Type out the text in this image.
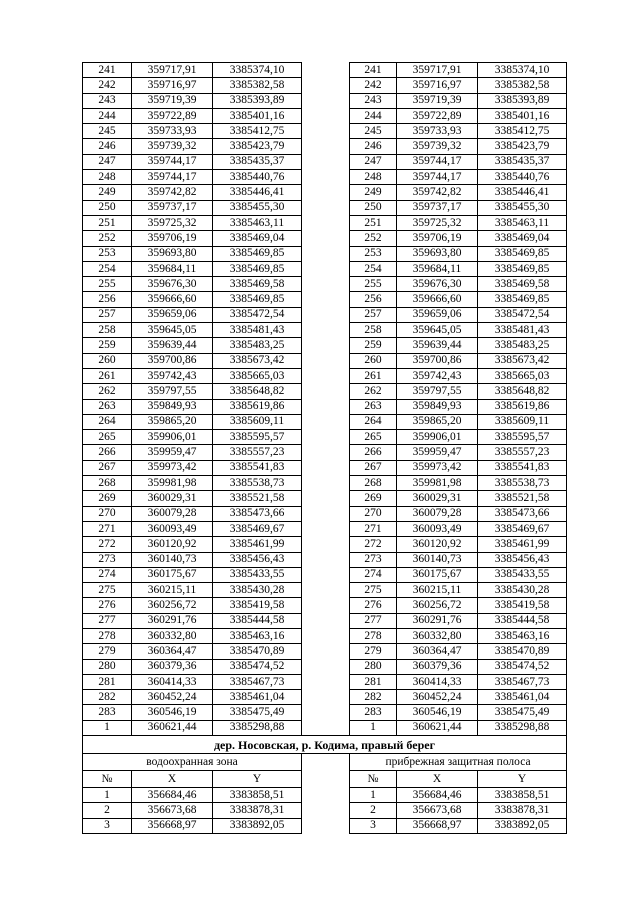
241	359717,91	3385374,10		241	359717,91	3385374,10
242	359716,97	3385382,58		242	359716,97	3385382,58
243	359719,39	3385393,89		243	359719,39	3385393,89
244	359722,89	3385401,16		244	359722,89	3385401,16
245	359733,93	3385412,75		245	359733,93	3385412,75
246	359739,32	3385423,79		246	359739,32	3385423,79
247	359744,17	3385435,37		247	359744,17	3385435,37
248	359744,17	3385440,76		248	359744,17	3385440,76
249	359742,82	3385446,41		249	359742,82	3385446,41
250	359737,17	3385455,30		250	359737,17	3385455,30
251	359725,32	3385463,11		251	359725,32	3385463,11
252	359706,19	3385469,04		252	359706,19	3385469,04
253	359693,80	3385469,85		253	359693,80	3385469,85
254	359684,11	3385469,85		254	359684,11	3385469,85
255	359676,30	3385469,58		255	359676,30	3385469,58
256	359666,60	3385469,85		256	359666,60	3385469,85
257	359659,06	3385472,54		257	359659,06	3385472,54
258	359645,05	3385481,43		258	359645,05	3385481,43
259	359639,44	3385483,25		259	359639,44	3385483,25
260	359700,86	3385673,42		260	359700,86	3385673,42
261	359742,43	3385665,03		261	359742,43	3385665,03
262	359797,55	3385648,82		262	359797,55	3385648,82
263	359849,93	3385619,86		263	359849,93	3385619,86
264	359865,20	3385609,11		264	359865,20	3385609,11
265	359906,01	3385595,57		265	359906,01	3385595,57
266	359959,47	3385557,23		266	359959,47	3385557,23
267	359973,42	3385541,83		267	359973,42	3385541,83
268	359981,98	3385538,73		268	359981,98	3385538,73
269	360029,31	3385521,58		269	360029,31	3385521,58
270	360079,28	3385473,66		270	360079,28	3385473,66
271	360093,49	3385469,67		271	360093,49	3385469,67
272	360120,92	3385461,99		272	360120,92	3385461,99
273	360140,73	3385456,43		273	360140,73	3385456,43
274	360175,67	3385433,55		274	360175,67	3385433,55
275	360215,11	3385430,28		275	360215,11	3385430,28
276	360256,72	3385419,58		276	360256,72	3385419,58
277	360291,76	3385444,58		277	360291,76	3385444,58
278	360332,80	3385463,16		278	360332,80	3385463,16
279	360364,47	3385470,89		279	360364,47	3385470,89
280	360379,36	3385474,52		280	360379,36	3385474,52
281	360414,33	3385467,73		281	360414,33	3385467,73
282	360452,24	3385461,04		282	360452,24	3385461,04
283	360546,19	3385475,49		283	360546,19	3385475,49
1	360621,44	3385298,88		1	360621,44	3385298,88
дер. Носовская, р. Кодима, правый берег						
водоохранная зона				прибрежная защитная полоса		
№	X	Y		№	X	Y
1	356684,46	3383858,51		1	356684,46	3383858,51
2	356673,68	3383878,31		2	356673,68	3383878,31
3	356668,97	3383892,05		3	356668,97	3383892,05
